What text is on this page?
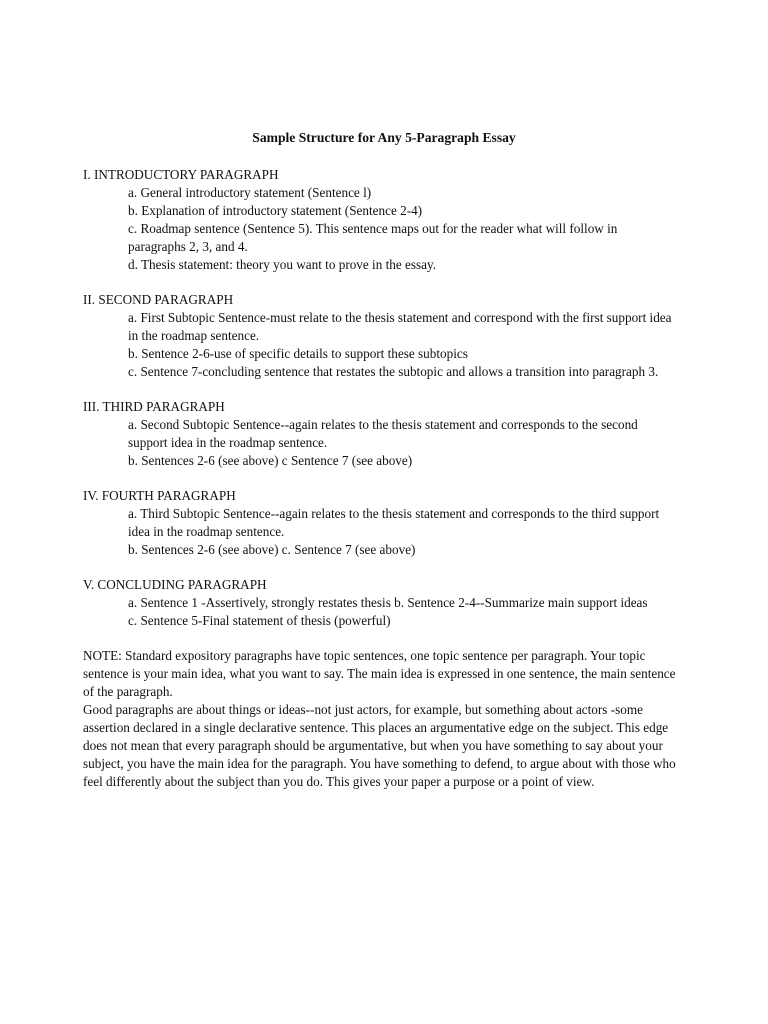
Sample Structure for Any 5-Paragraph Essay

I. INTRODUCTORY PARAGRAPH

a. General introductory statement (Sentence l)

b. Explanation of introductory statement (Sentence 2-4)

c. Roadmap sentence (Sentence 5). This sentence maps out for the reader what will follow in paragraphs 2, 3, and 4.

d. Thesis statement: theory you want to prove in the essay.

II. SECOND PARAGRAPH

a. First Subtopic Sentence-must relate to the thesis statement and correspond with the first support idea in the roadmap sentence.

b. Sentence 2-6-use of specific details to support these subtopics

c. Sentence 7-concluding sentence that restates the subtopic and allows a transition into paragraph 3.

III. THIRD PARAGRAPH

a. Second Subtopic Sentence--again relates to the thesis statement and corresponds to the second support idea in the roadmap sentence.

b. Sentences 2-6 (see above) c Sentence 7 (see above)

IV. FOURTH PARAGRAPH

a. Third Subtopic Sentence--again relates to the thesis statement and corresponds to the third support idea in the roadmap sentence.

b. Sentences 2-6 (see above) c. Sentence 7 (see above)

V. CONCLUDING PARAGRAPH

a. Sentence 1 -Assertively, strongly restates thesis b. Sentence 2-4--Summarize main support ideas

c. Sentence 5-Final statement of thesis (powerful)

NOTE: Standard expository paragraphs have topic sentences, one topic sentence per paragraph. Your topic sentence is your main idea, what you want to say. The main idea is expressed in one sentence, the main sentence of the paragraph.

Good paragraphs are about things or ideas--not just actors, for example, but something about actors -some assertion declared in a single declarative sentence. This places an argumentative edge on the subject. This edge does not mean that every paragraph should be argumentative, but when you have something to say about your subject, you have the main idea for the paragraph. You have something to defend, to argue about with those who feel differently about the subject than you do. This gives your paper a purpose or a point of view.
